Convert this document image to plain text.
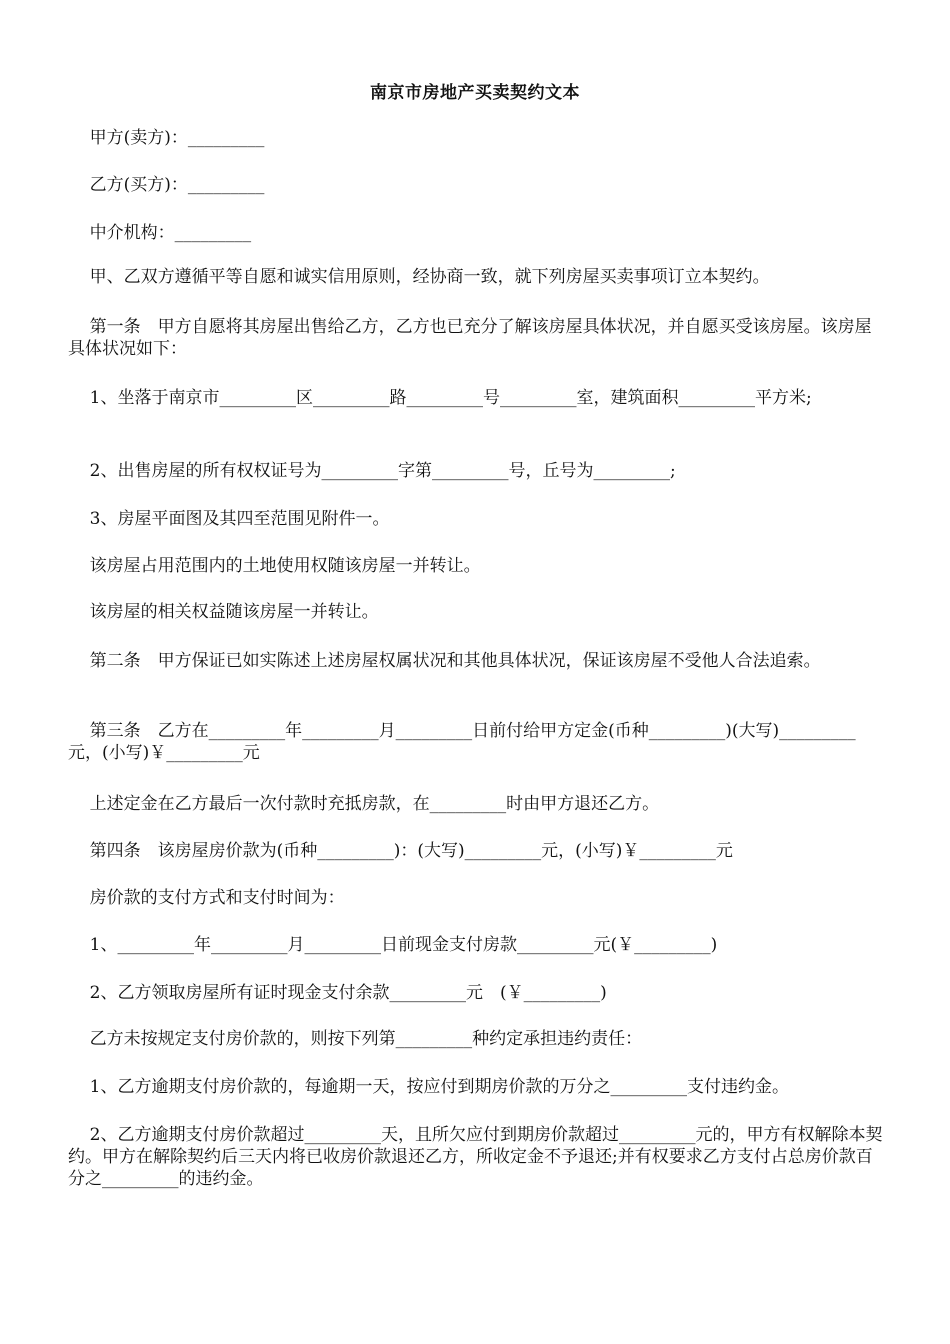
南京市房地产买卖契约文本
甲方(卖方)：_________
乙方(买方)：_________
中介机构：_________
甲、乙双方遵循平等自愿和诚实信用原则，经协商一致，就下列房屋买卖事项订立本契约。
第一条　甲方自愿将其房屋出售给乙方，乙方也已充分了解该房屋具体状况，并自愿买受该房屋。该房屋具体状况如下：
1、坐落于南京市_________区_________路_________号_________室，建筑面积_________平方米;
2、出售房屋的所有权权证号为_________字第_________号，丘号为_________;
3、房屋平面图及其四至范围见附件一。
该房屋占用范围内的土地使用权随该房屋一并转让。
该房屋的相关权益随该房屋一并转让。
第二条　甲方保证已如实陈述上述房屋权属状况和其他具体状况，保证该房屋不受他人合法追索。
第三条　乙方在_________年_________月_________日前付给甲方定金(币种_________)(大写)_________元，(小写)￥_________元
上述定金在乙方最后一次付款时充抵房款，在_________时由甲方退还乙方。
第四条　该房屋房价款为(币种_________)：(大写)_________元，(小写)￥_________元
房价款的支付方式和支付时间为：
1、_________年_________月_________日前现金支付房款_________元(￥_________)
2、乙方领取房屋所有证时现金支付余款_________元　(￥_________)
乙方未按规定支付房价款的，则按下列第_________种约定承担违约责任：
1、乙方逾期支付房价款的，每逾期一天，按应付到期房价款的万分之_________支付违约金。
2、乙方逾期支付房价款超过_________天，且所欠应付到期房价款超过_________元的，甲方有权解除本契约。甲方在解除契约后三天内将已收房价款退还乙方，所收定金不予退还;并有权要求乙方支付占总房价款百分之_________的违约金。
